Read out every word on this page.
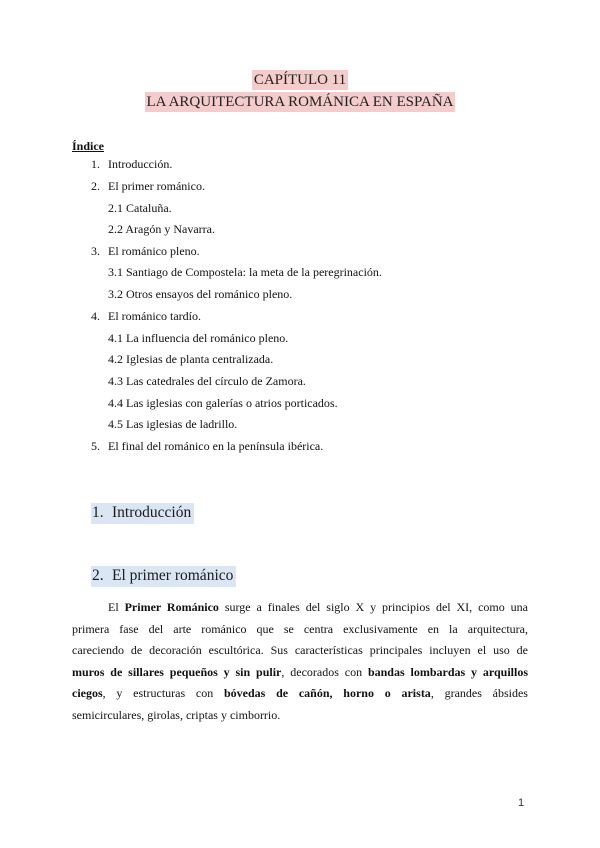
CAPÍTULO 11
LA ARQUITECTURA ROMÁNICA EN ESPAÑA
Índice
1. Introducción.
2. El primer románico.
2.1 Cataluña.
2.2 Aragón y Navarra.
3. El románico pleno.
3.1 Santiago de Compostela: la meta de la peregrinación.
3.2 Otros ensayos del románico pleno.
4. El románico tardío.
4.1 La influencia del románico pleno.
4.2 Iglesias de planta centralizada.
4.3 Las catedrales del círculo de Zamora.
4.4 Las iglesias con galerías o atrios porticados.
4.5 Las iglesias de ladrillo.
5. El final del románico en la península ibérica.
1. Introducción
2. El primer románico
El Primer Románico surge a finales del siglo X y principios del XI, como una
primera fase del arte románico que se centra exclusivamente en la arquitectura,
careciendo de decoración escultórica. Sus características principales incluyen el uso de
muros de sillares pequeños y sin pulir, decorados con bandas lombardas y arquillos
ciegos, y estructuras con bóvedas de cañón, horno o arista, grandes ábsides
semicirculares, girolas, criptas y cimborrio.
1
